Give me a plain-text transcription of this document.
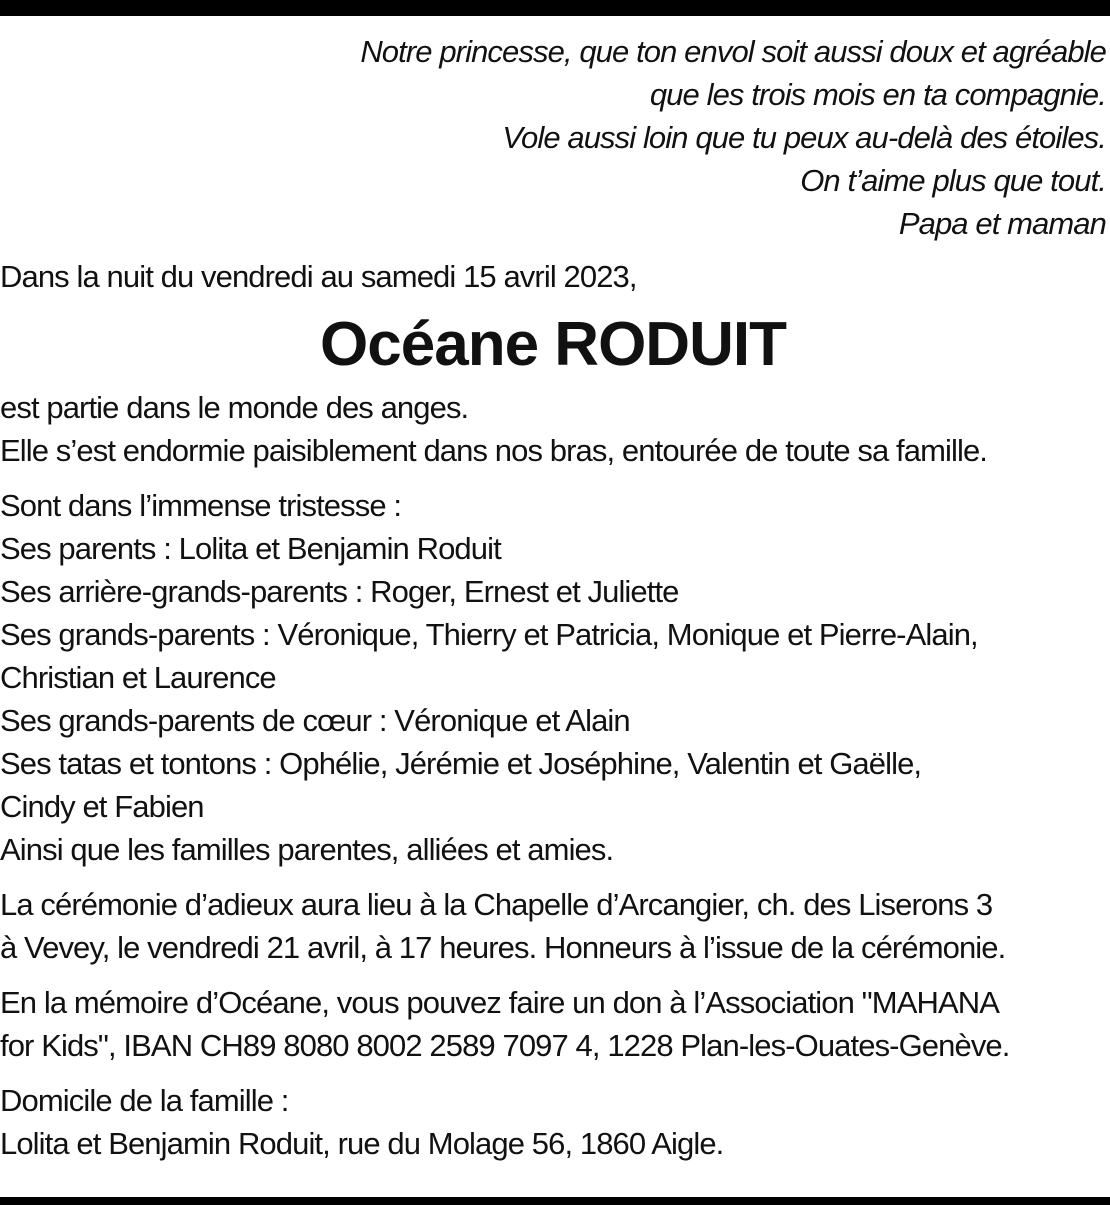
Notre princesse, que ton envol soit aussi doux et agréable
que les trois mois en ta compagnie.
Vole aussi loin que tu peux au-delà des étoiles.
On t’aime plus que tout.
Papa et maman
Dans la nuit du vendredi au samedi 15 avril 2023,
Océane RODUIT
est partie dans le monde des anges.
Elle s’est endormie paisiblement dans nos bras, entourée de toute sa famille.
Sont dans l’immense tristesse :
Ses parents : Lolita et Benjamin Roduit
Ses arrière-grands-parents : Roger, Ernest et Juliette
Ses grands-parents : Véronique, Thierry et Patricia, Monique et Pierre-Alain,
Christian et Laurence
Ses grands-parents de cœur : Véronique et Alain
Ses tatas et tontons : Ophélie, Jérémie et Joséphine, Valentin et Gaëlle,
Cindy et Fabien
Ainsi que les familles parentes, alliées et amies.
La cérémonie d’adieux aura lieu à la Chapelle d’Arcangier, ch. des Liserons 3
à Vevey, le vendredi 21 avril, à 17 heures. Honneurs à l’issue de la cérémonie.
En la mémoire d’Océane, vous pouvez faire un don à l’Association "MAHANA
for Kids", IBAN CH89 8080 8002 2589 7097 4, 1228 Plan-les-Ouates-Genève.
Domicile de la famille :
Lolita et Benjamin Roduit, rue du Molage 56, 1860 Aigle.
